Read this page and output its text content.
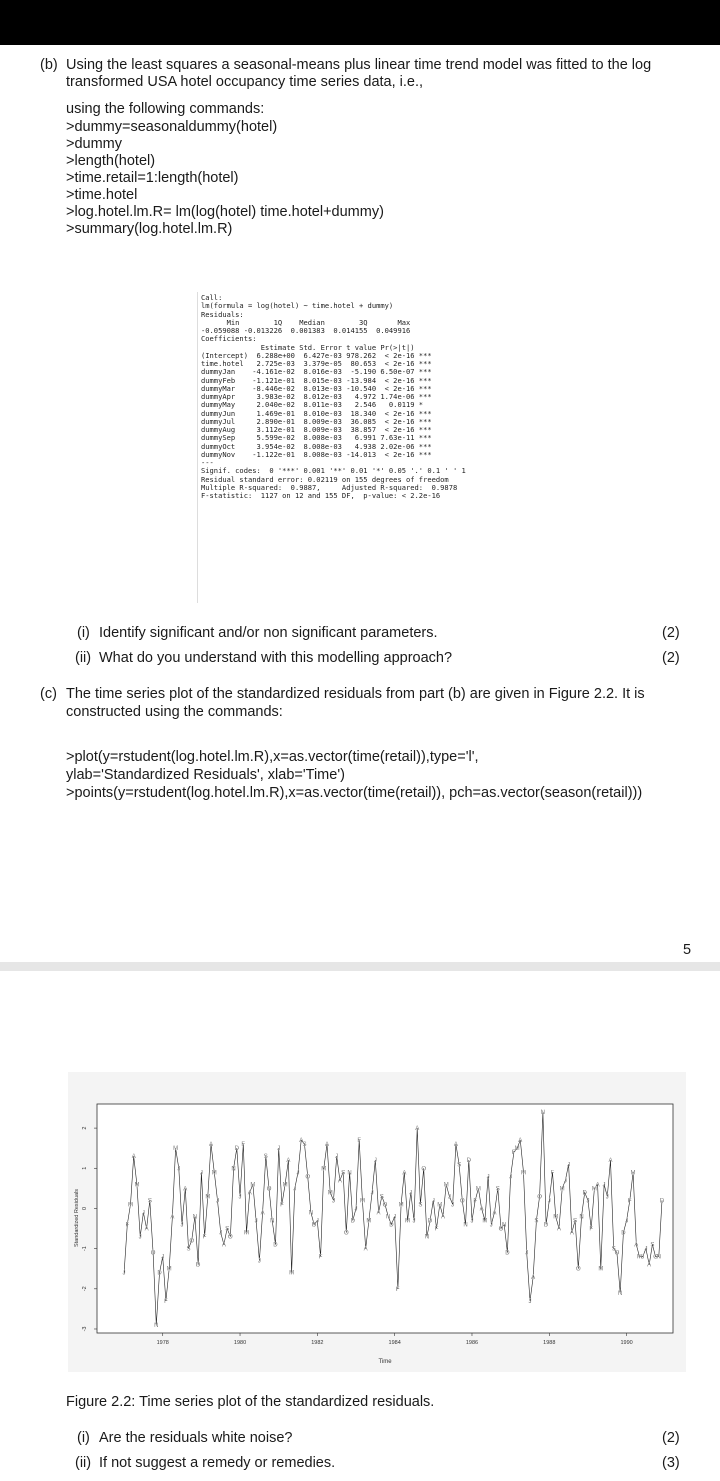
(b) Using the least squares a seasonal-means plus linear time trend model was fitted to the log transformed USA hotel occupancy time series data, i.e.,
using the following commands:
>dummy=seasonaldummy(hotel)
>dummy
>length(hotel)
>time.retail=1:length(hotel)
>time.hotel
>log.hotel.lm.R= lm(log(hotel) time.hotel+dummy)
>summary(log.hotel.lm.R)
Call:
lm(formula = log(hotel) ~ time.hotel + dummy)
Residuals:
Min        1Q    Median        3Q       Max
-0.059088 -0.013226  0.001383  0.014155  0.049916
Coefficients:
Estimate Std. Error t value Pr(>|t|)
(Intercept)  6.288e+00  6.427e-03 978.262  < 2e-16 ***
time.hotel   2.725e-03  3.379e-05  80.653  < 2e-16 ***
dummyJan    -4.161e-02  8.016e-03  -5.190 6.50e-07 ***
dummyFeb    -1.121e-01  8.015e-03 -13.984  < 2e-16 ***
dummyMar    -8.446e-02  8.013e-03 -10.540  < 2e-16 ***
dummyApr     3.983e-02  8.012e-03   4.972 1.74e-06 ***
dummyMay     2.040e-02  8.011e-03   2.546   0.0119 *
dummyJun     1.469e-01  8.010e-03  18.340  < 2e-16 ***
dummyJul     2.890e-01  8.009e-03  36.085  < 2e-16 ***
dummyAug     3.112e-01  8.009e-03  38.857  < 2e-16 ***
dummySep     5.599e-02  8.008e-03   6.991 7.63e-11 ***
dummyOct     3.954e-02  8.008e-03   4.938 2.02e-06 ***
dummyNov    -1.122e-01  8.008e-03 -14.013  < 2e-16 ***
---
Signif. codes:  0 '***' 0.001 '**' 0.01 '*' 0.05 '.' 0.1 ' ' 1
Residual standard error: 0.02119 on 155 degrees of freedom
Multiple R-squared:  0.9887,     Adjusted R-squared:  0.9878
F-statistic:  1127 on 12 and 155 DF,  p-value: < 2.2e-16
(i) Identify significant and/or non significant parameters.	(2)
(ii) What do you understand with this modelling approach?	(2)
(c) The time series plot of the standardized residuals from part (b) are given in Figure 2.2. It is
constructed using the commands:
>plot(y=rstudent(log.hotel.lm.R),x=as.vector(time(retail)),type='l',
ylab='Standardized Residuals', xlab='Time')
>points(y=rstudent(log.hotel.lm.R),x=as.vector(time(retail)), pch=as.vector(season(retail)))
5
-3
-2
-1
0
1
2
1978	1980	1982	1984	1986	1988	1990
J
F
M
A
M
J
J
A
S
O
N
D
J
F
M
A
M
J
J
A
S
O
N
D
J
F
M
A
M
J
J
A
S
O
N
D
J
F
M
A
M
J
J
A
S
O
N
D
J
F
M
A
M
J
J
A
S
O
N
D
J
F
M
A
M
J
J
A
S
O
N
D
J
F
M
A
M
J
J
A
S
O
N
D
J
F
M
A
M
J
J
A
S
O
N
D
J
F
M
A
M
J
J
A
S
O
N
D
J
F
M
A
M
J
J
A
S
O
N
D
J
F
M
A
M
J
J
A
S
O
N
D
J
F
M
A
M
J
J
A
S
O
N
D
J
F
M
A
M
J
J
A
S
O
N
D
J
F
M
A
M J
J
A
S
O
N
D
Time
Standardized Residuals
Figure 2.2: Time series plot of the standardized residuals.
(i) Are the residuals white noise?	(2)
(ii) If not suggest a remedy or remedies.	(3)
